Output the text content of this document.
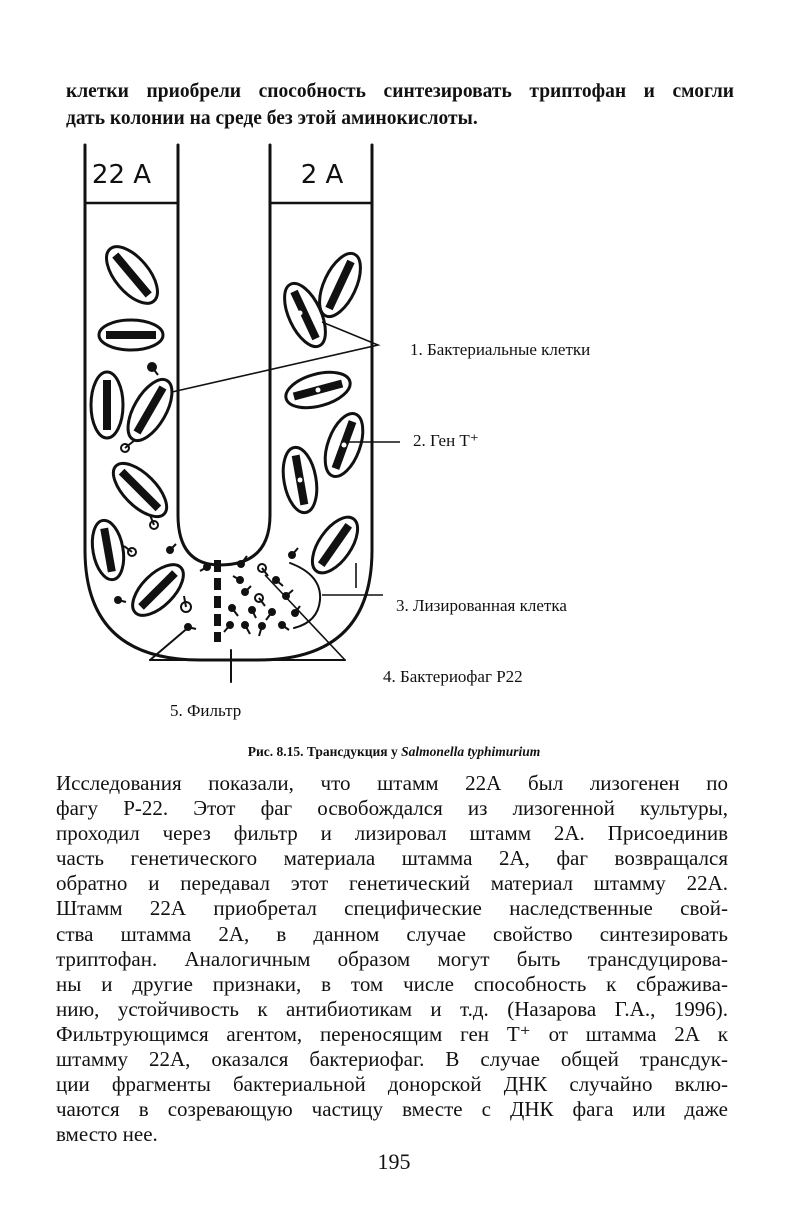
клетки приобрели способность синтезировать триптофан и смогли
дать колонии на среде без этой аминокислоты.
22 A	2 A
1. Бактериальные клетки
2. Ген Т⁺
3. Лизированная клетка
4. Бактериофаг Р22
5. Фильтр
Рис. 8.15. Трансдукция у Salmonella typhimurium
Исследования показали, что штамм 22А был лизогенен по
фагу Р-22. Этот фаг освобождался из лизогенной культуры,
проходил через фильтр и лизировал штамм 2А. Присоединив
часть генетического материала штамма 2А, фаг возвращался
обратно и передавал этот генетический материал штамму 22А.
Штамм 22А приобретал специфические наследственные свой-
ства штамма 2А, в данном случае свойство синтезировать
триптофан. Аналогичным образом могут быть трансдуцирова-
ны и другие признаки, в том числе способность к сбражива-
нию, устойчивость к антибиотикам и т.д. (Назарова Г.А., 1996).
Фильтрующимся агентом, переносящим ген Т⁺ от штамма 2А к
штамму 22А, оказался бактериофаг. В случае общей трансдук-
ции фрагменты бактериальной донорской ДНК случайно вклю-
чаются в созревающую частицу вместе с ДНК фага или даже
вместо нее.
195
